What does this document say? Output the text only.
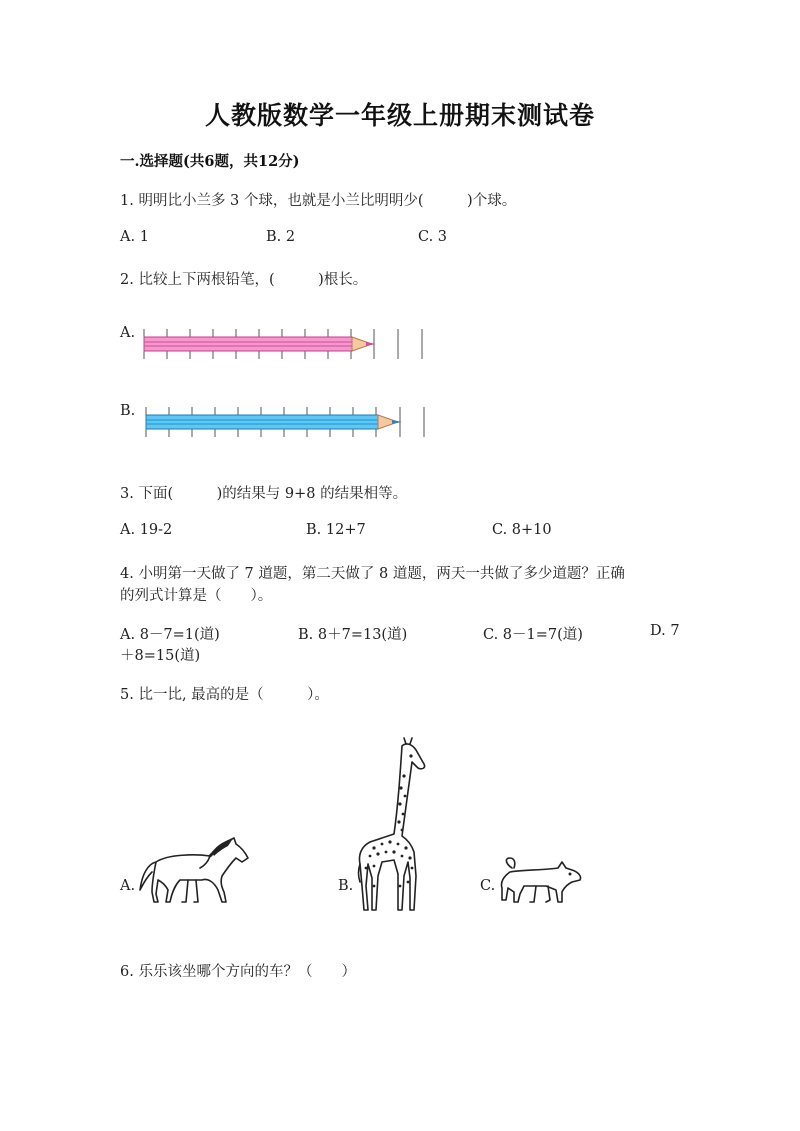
人教版数学一年级上册期末测试卷
一.选择题(共6题，共12分)
1. 明明比小兰多 3 个球，也就是小兰比明明少(　　　)个球。
A. 1	B. 2	C. 3
2. 比较上下两根铅笔，(　　　)根长。
A.
B.
3. 下面(　　　)的结果与 9+8 的结果相等。
A. 19-2	B. 12+7	C. 8+10
4. 小明第一天做了 7 道题，第二天做了 8 道题，两天一共做了多少道题？正确
的列式计算是（　　）。
A. 8－7=1(道)	B. 8＋7=13(道)	C. 8－1=7(道)	D. 7
＋8=15(道)
5. 比一比, 最高的是（　　　）。
A.	B.	C.
6. 乐乐该坐哪个方向的车？（　　）
